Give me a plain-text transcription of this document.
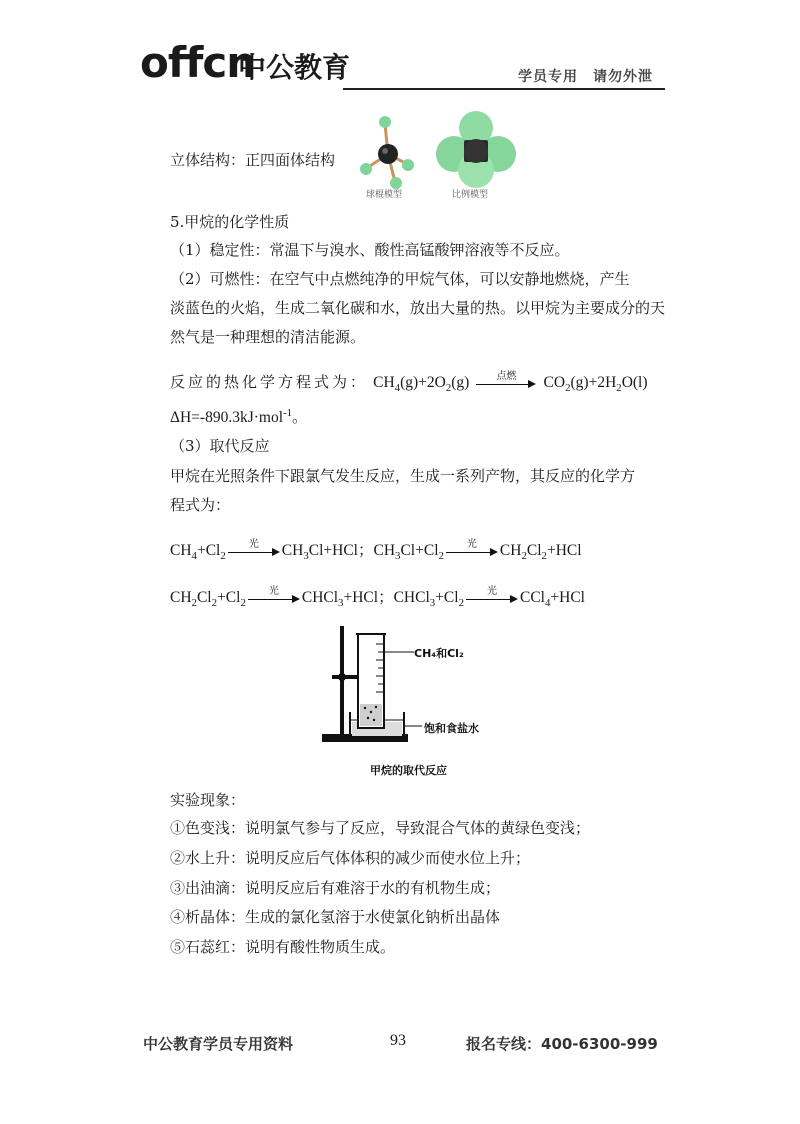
offcn
中公教育	学员专用　请勿外泄
立体结构：正四面体结构
球棍模型	比例模型
5.甲烷的化学性质
（1）稳定性：常温下与溴水、酸性高锰酸钾溶液等不反应。
（2）可燃性：在空气中点燃纯净的甲烷气体，可以安静地燃烧，产生
淡蓝色的火焰，生成二氧化碳和水，放出大量的热。以甲烷为主要成分的天
然气是一种理想的清洁能源。
反应的热化学方程式为： $CH_4(g)+2O_2(g)$	点燃	$CO_2(g)+2H_2O(l)$
ΔH=-890.3kJ·mol$^{-1}$。
（3）取代反应
甲烷在光照条件下跟氯气发生反应，生成一系列产物，其反应的化学方
程式为：
$CH_4+Cl_2$
光	$CH_3Cl+HCl$；$CH_3Cl+Cl_2$
光	$CH_2Cl_2+HCl$
$CH_2Cl_2+Cl_2$
光	CHCl$_3$+HCl；$CHCl_3+Cl_2$
光	CCl$_4$+HCl
CH₄和Cl₂
饱和食盐水
甲烷的取代反应
实验现象：
①色变浅：说明氯气参与了反应，导致混合气体的黄绿色变浅；
②水上升：说明反应后气体体积的减少而使水位上升；
③出油滴：说明反应后有难溶于水的有机物生成；
④析晶体：生成的氯化氢溶于水使氯化钠析出晶体
⑤石蕊红：说明有酸性物质生成。
中公教育学员专用资料	93	报名专线：400-6300-999
